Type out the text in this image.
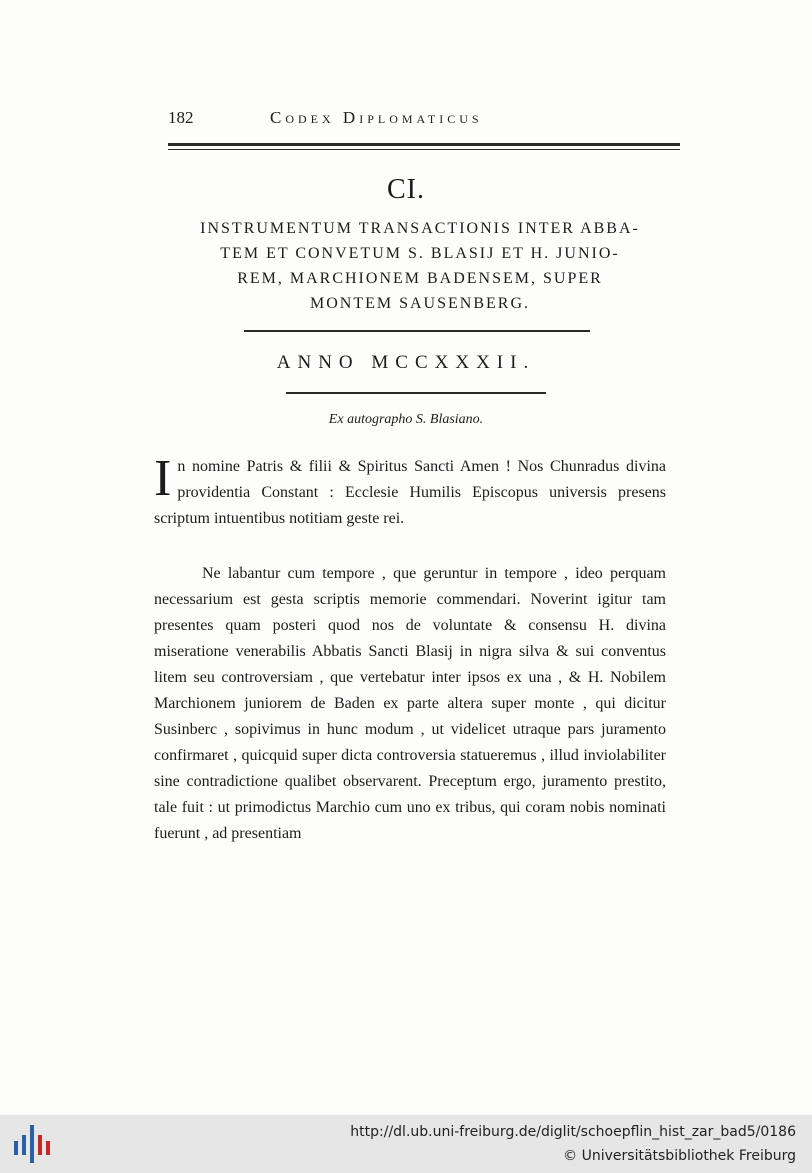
182	Codex Diplomaticus
CI.
INSTRUMENTUM TRANSACTIONIS INTER ABBA-
TEM ET CONVETUM S. BLASIJ ET H. JUNIO-
REM, MARCHIONEM BADENSEM, SUPER
MONTEM SAUSENBERG.
ANNO MCCXXXII.
Ex autographo S. Blasiano.

In nomine Patris & filii & Spiritus Sancti Amen ! Nos Chunradus divina providentia Constant : Ecclesie Humilis Episcopus universis presens scriptum intuentibus notitiam geste rei.

Ne labantur cum tempore , que geruntur in tempore , ideo perquam necessarium est gesta scriptis memorie commendari. Noverint igitur tam presentes quam posteri quod nos de voluntate & consensu H. divina miseratione venerabilis Abbatis Sancti Blasij in nigra silva & sui conventus litem seu controversiam , que vertebatur inter ipsos ex una , & H. Nobilem Marchionem juniorem de Baden ex parte altera super monte , qui dicitur Susinberc , sopivimus in hunc modum , ut videlicet utraque pars juramento confirmaret , quicquid super dicta controversia statueremus , illud inviolabiliter sine contradictione qualibet observarent. Preceptum ergo, juramento prestito, tale fuit : ut primodictus Marchio cum uno ex tribus, qui coram nobis nominati fuerunt , ad presentiam

http://dl.ub.uni-freiburg.de/diglit/schoepflin_hist_zar_bad5/0186
© Universitätsbibliothek Freiburg
